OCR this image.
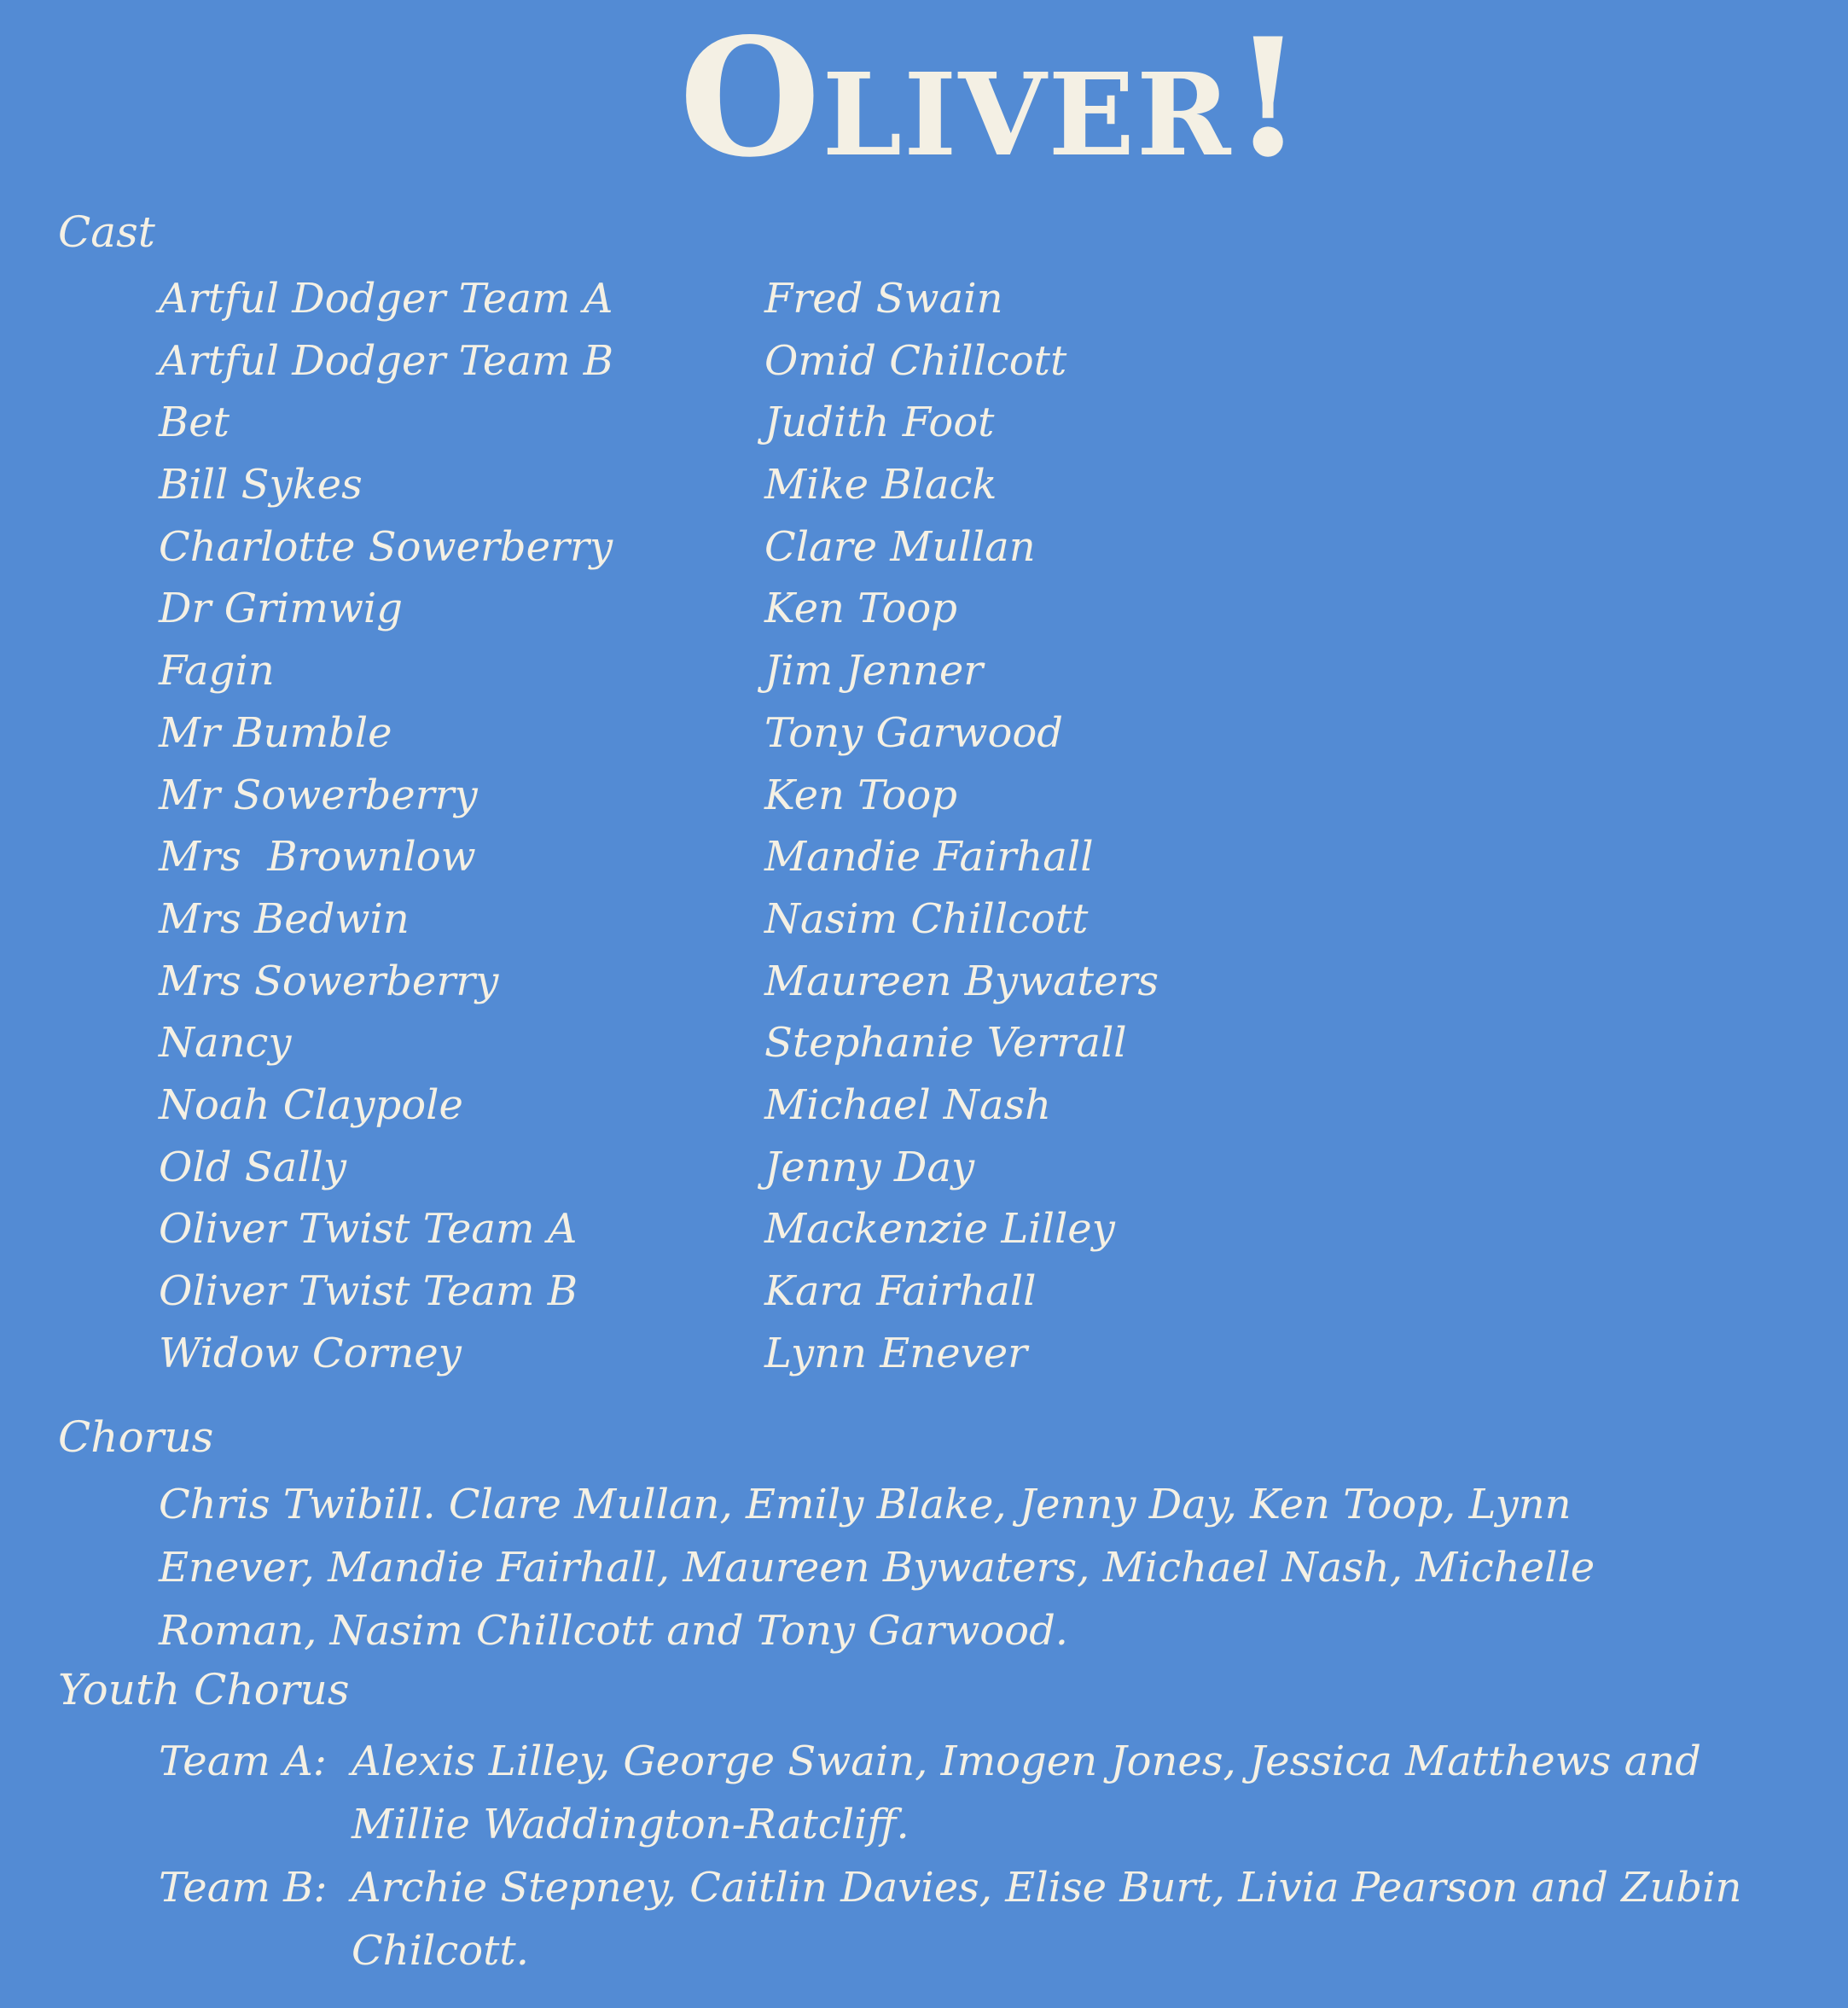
Oliver!
Cast
Artful Dodger Team A	Fred Swain
Artful Dodger Team B	Omid Chillcott
Bet	Judith Foot
Bill Sykes	Mike Black
Charlotte Sowerberry	Clare Mullan
Dr Grimwig	Ken Toop
Fagin	Jim Jenner
Mr Bumble	Tony Garwood
Mr Sowerberry	Ken Toop
Mrs  Brownlow	Mandie Fairhall
Mrs Bedwin	Nasim Chillcott
Mrs Sowerberry	Maureen Bywaters
Nancy	Stephanie Verrall
Noah Claypole	Michael Nash
Old Sally	Jenny Day
Oliver Twist Team A	Mackenzie Lilley
Oliver Twist Team B	Kara Fairhall
Widow Corney	Lynn Enever
Chorus
Chris Twibill. Clare Mullan, Emily Blake, Jenny Day, Ken Toop, Lynn Enever, Mandie Fairhall, Maureen Bywaters, Michael Nash, Michelle Roman, Nasim Chillcott and Tony Garwood.
Youth Chorus
Team A: Alexis Lilley, George Swain, Imogen Jones, Jessica Matthews and Millie Waddington-Ratcliff.
Team B: Archie Stepney, Caitlin Davies, Elise Burt, Livia Pearson and Zubin Chilcott.
